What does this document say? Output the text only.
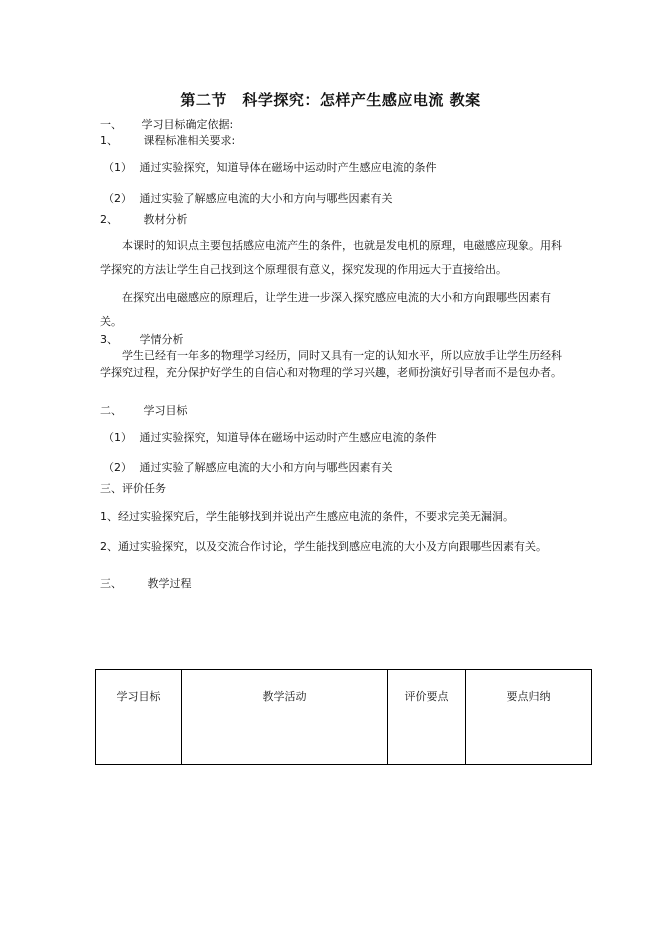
第二节　科学探究：怎样产生感应电流 教案
一、 学习目标确定依据:
1、 课程标准相关要求:
（1） 通过实验探究，知道导体在磁场中运动时产生感应电流的条件
（2） 通过实验了解感应电流的大小和方向与哪些因素有关
2、 教材分析
本课时的知识点主要包括感应电流产生的条件，也就是发电机的原理，电磁感应现象。用科学探究的方法让学生自己找到这个原理很有意义，探究发现的作用远大于直接给出。
在探究出电磁感应的原理后，让学生进一步深入探究感应电流的大小和方向跟哪些因素有关。
3、 学情分析
学生已经有一年多的物理学习经历，同时又具有一定的认知水平，所以应放手让学生历经科学探究过程，充分保护好学生的自信心和对物理的学习兴趣，老师扮演好引导者而不是包办者。
二、 学习目标
（1） 通过实验探究，知道导体在磁场中运动时产生感应电流的条件
（2） 通过实验了解感应电流的大小和方向与哪些因素有关
三、评价任务
1、经过实验探究后，学生能够找到并说出产生感应电流的条件，不要求完美无漏洞。
2、通过实验探究，以及交流合作讨论，学生能找到感应电流的大小及方向跟哪些因素有关。
三、 教学过程
学习目标	教学活动	评价要点	要点归纳
